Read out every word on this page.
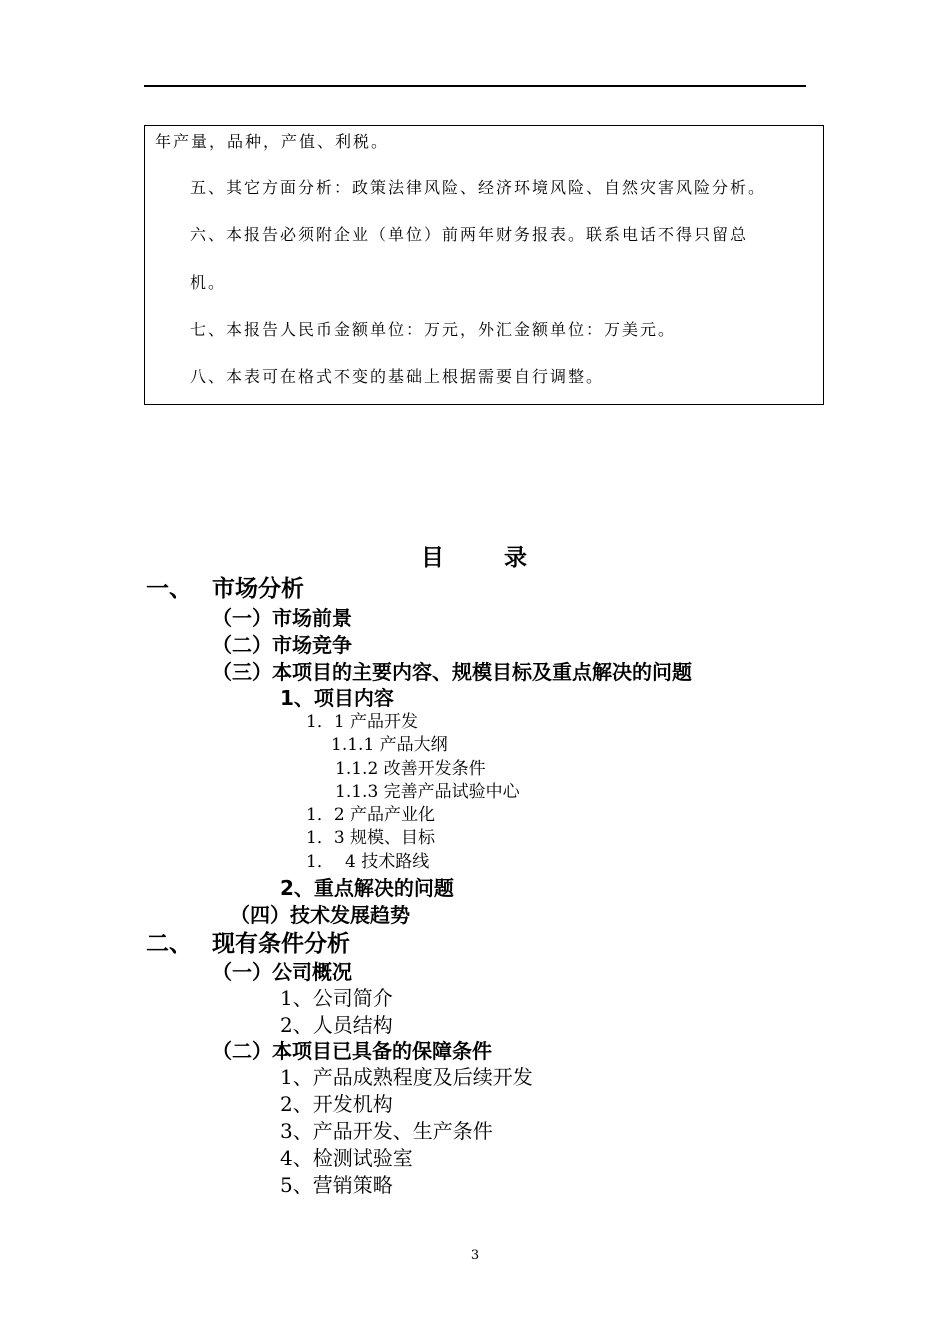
年产量，品种，产值、利税。
五、其它方面分析：政策法律风险、经济环境风险、自然灾害风险分析。
六、本报告必须附企业（单位）前两年财务报表。联系电话不得只留总
机。
七、本报告人民币金额单位：万元，外汇金额单位：万美元。
八、本表可在格式不变的基础上根据需要自行调整。
目	录
一、 市场分析
（一）市场前景
（二）市场竞争
（三）本项目的主要内容、规模目标及重点解决的问题
1、项目内容
1．1 产品开发
1.1.1 产品大纲
1.1.2 改善开发条件
1.1.3 完善产品试验中心
1．2 产品产业化
1．3 规模、目标
1． 4 技术路线
2、重点解决的问题
（四）技术发展趋势
二、 现有条件分析
（一）公司概况
1、公司简介
2、人员结构
（二）本项目已具备的保障条件
1、产品成熟程度及后续开发
2、开发机构
3、产品开发、生产条件
4、检测试验室
5、营销策略
3
